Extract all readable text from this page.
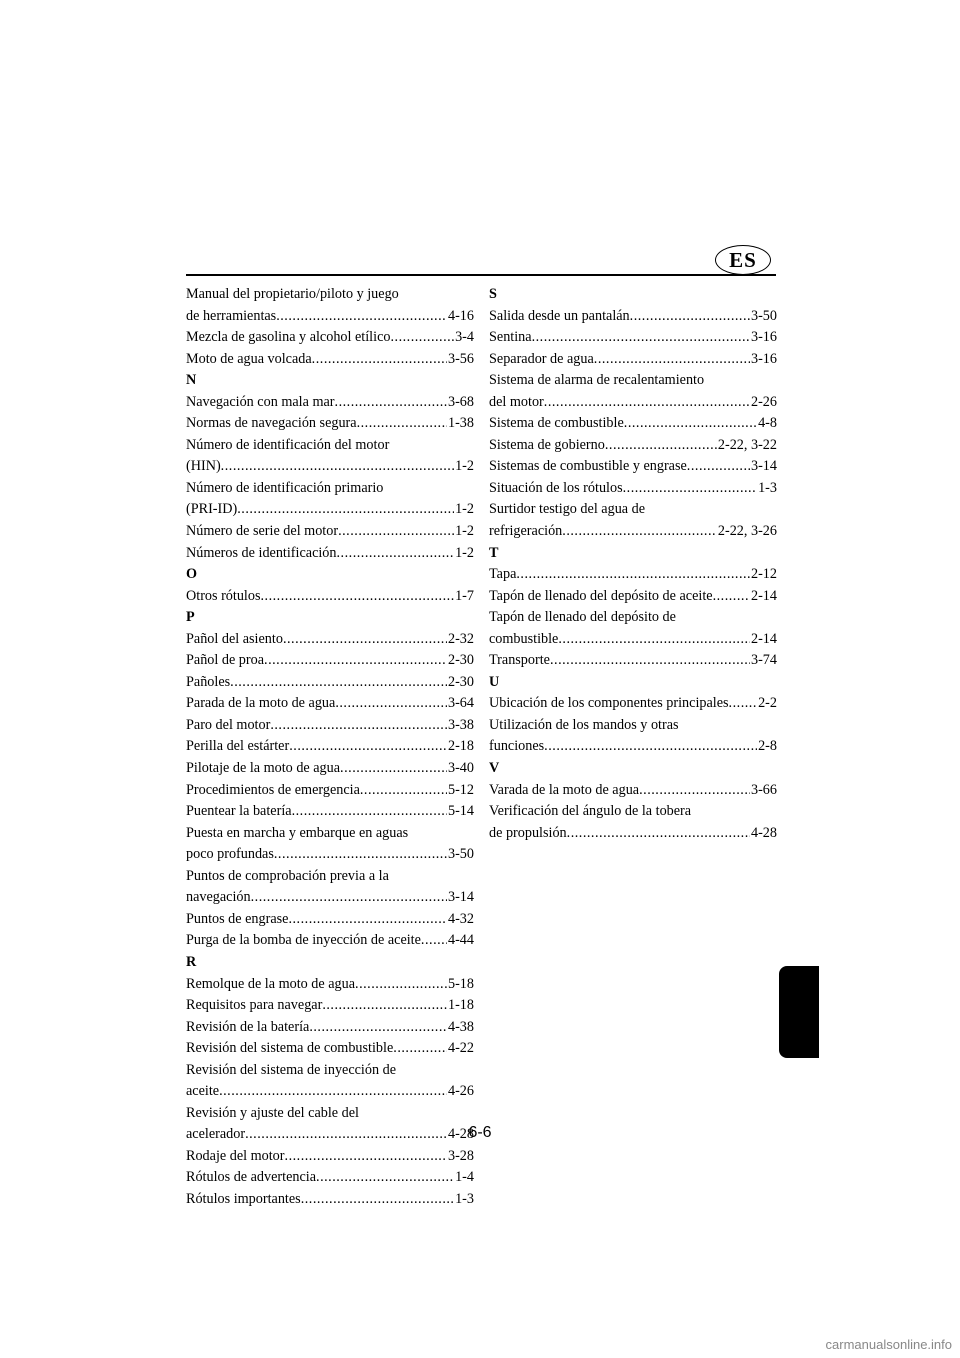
ES
Manual del propietario/piloto y juego
de herramientas .....	4-16
Mezcla de gasolina y alcohol etílico .....	3-4
Moto de agua volcada .....	3-56
N
Navegación con mala mar .....	3-68
Normas de navegación segura .....	1-38
Número de identificación del motor
(HIN) .....	1-2
Número de identificación primario
(PRI-ID) .....	1-2
Número de serie del motor .....	1-2
Números de identificación .....	1-2
O
Otros rótulos .....	1-7
P
Pañol del asiento .....	2-32
Pañol de proa .....	2-30
Pañoles .....	2-30
Parada de la moto de agua .....	3-64
Paro del motor .....	3-38
Perilla del estárter .....	2-18
Pilotaje de la moto de agua .....	3-40
Procedimientos de emergencia .....	5-12
Puentear la batería .....	5-14
Puesta en marcha y embarque en aguas
poco profundas .....	3-50
Puntos de comprobación previa a la
navegación .....	3-14
Puntos de engrase .....	4-32
Purga de la bomba de inyección de aceite ..... 4-44
R
Remolque de la moto de agua .....	5-18
Requisitos para navegar .....	1-18
Revisión de la batería .....	4-38
Revisión del sistema de combustible .....	4-22
Revisión del sistema de inyección de
aceite .....	4-26
Revisión y ajuste del cable del
acelerador .....	4-28
Rodaje del motor .....	3-28
Rótulos de advertencia .....	1-4
Rótulos importantes .....	1-3
S
Salida desde un pantalán .....	3-50
Sentina .....	3-16
Separador de agua .....	3-16
Sistema de alarma de recalentamiento
del motor .....	2-26
Sistema de combustible .....	4-8
Sistema de gobierno .....	2-22, 3-22
Sistemas de combustible y engrase .....	3-14
Situación de los rótulos .....	1-3
Surtidor testigo del agua de
refrigeración .....	2-22, 3-26
T
Tapa .....	2-12
Tapón de llenado del depósito de aceite .....	2-14
Tapón de llenado del depósito de
combustible .....	2-14
Transporte .....	3-74
U
Ubicación de los componentes principales ..... 2-2
Utilización de los mandos y otras
funciones .....	2-8
V
Varada de la moto de agua .....	3-66
Verificación del ángulo de la tobera
de propulsión .....	4-28
6-6
carmanualsonline.info
